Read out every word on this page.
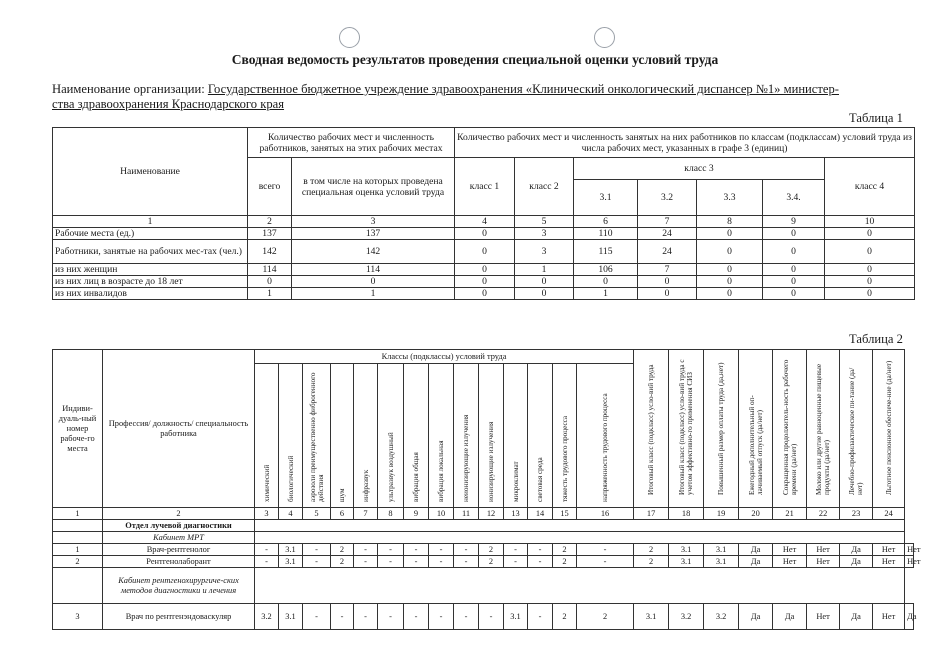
Сводная ведомость результатов проведения специальной оценки условий труда
Наименование организации: Государственное бюджетное учреждение здравоохранения «Клинический онкологический диспансер №1» министер-
ства здравоохранения Краснодарского края
Таблица 1
Наименование	Количество рабочих мест и численность работников, занятых на этих рабочих местах		Количество рабочих мест и численность занятых на них работников по классам (подклассам) условий труда из числа рабочих мест, указанных в графе 3 (единиц)						
	всего	в том числе на которых проведена специальная оценка условий труда	класс 1	класс 2	класс 3				класс 4
					3.1	3.2	3.3	3.4.	
1	2	3	4	5	6	7	8	9	10
Рабочие места (ед.)	137	137	0	3	110	24	0	0	0
Работники, занятые на рабочих мес-тах (чел.)	142	142	0	3	115	24	0	0	0
из них женщин	114	114	0	1	106	7	0	0	0
из них лиц в возрасте до 18 лет	0	0	0	0	0	0	0	0	0
из них инвалидов	1	1	0	0	1	0	0	0	0
Таблица 2
Индиви-дуаль-ный номер рабоче-го места	Профессия/ должность/ специальность работника	Классы (подклассы) условий труда														Итоговый класс (подкласс) усло-вий труда	Итоговый класс (подкласс) усло-вий труда с учетом эффективно-го применения СИЗ	Повышенный размер оплаты труда (да,нет)	Ежегодный дополнительный оп-лачиваемый отпуск (да/нет)	Сокращенная продолжитель-ность рабочего времени (да/нет)	Молоко или другие равноценные пищевые продукты (да/нет)	Лечебно-профилактическое пи-тание (да/нет)	Льготное пенсионное обеспече-ние (да/нет)	
		химический	биологический	аэрозоли преимущественно фиброгенного действия	шум	инфразвук	ультразвук воздушный	вибрация общая	вибрация локальная	неионизирующие излучения	ионизирующие излучения	микроклимат	световая среда	тяжесть трудового процесса	напряженность трудового процесса									
1	2	3	4	5	6	7	8	9	10	11	12	13	14	15	16	17	18	19	20	21	22	23	24	
	Отдел лучевой диагностики																							
	Кабинет МРТ																							
1	Врач-рентгенолог	-	3.1	-	2	-	-	-	-	-	2	-	-	2	-	2	3.1	3.1	Да	Нет	Нет	Да	Нет	Нет
2	Рентгенолаборант	-	3.1	-	2	-	-	-	-	-	2	-	-	2	-	2	3.1	3.1	Да	Нет	Нет	Да	Нет	Нет
	Кабинет рентгенохирургиче-ских методов диагностики и лечения																							
3	Врач по рентгенэндоваскуляр	3.2	3.1	-	-	-	-	-	-	-	-	3.1	-	2	2	3.1	3.2	3.2	Да	Да	Нет	Да	Нет	Да
